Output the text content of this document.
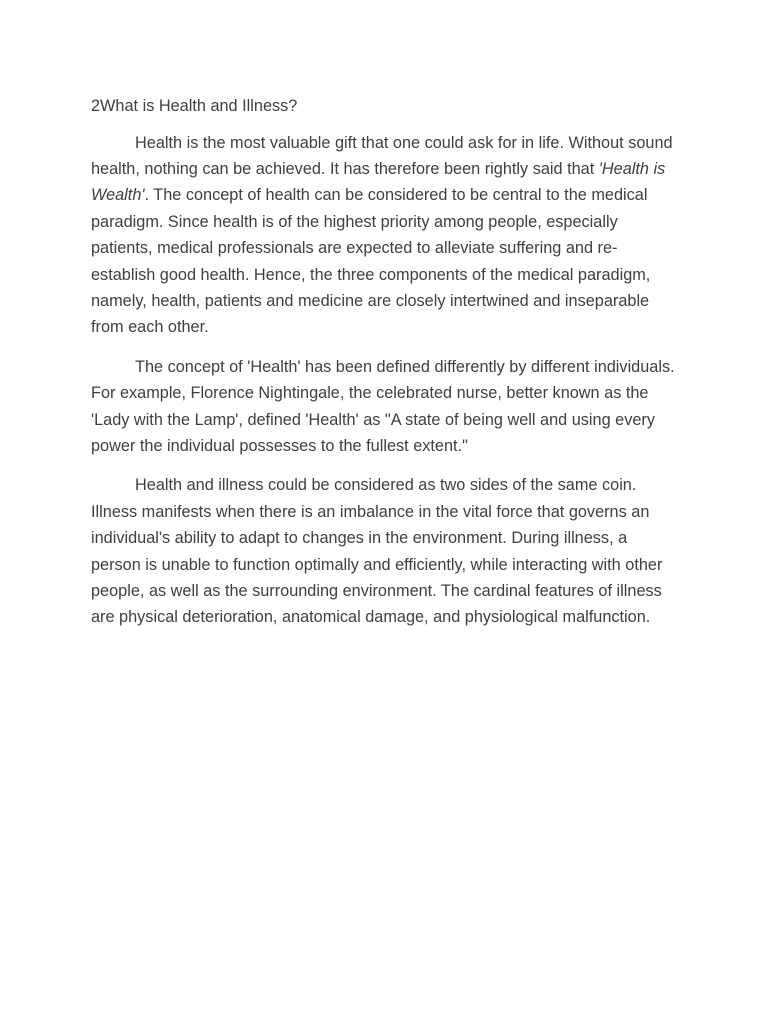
2What is Health and Illness?

Health is the most valuable gift that one could ask for in life. Without sound health, nothing can be achieved. It has therefore been rightly said that 'Health is Wealth'. The concept of health can be considered to be central to the medical paradigm. Since health is of the highest priority among people, especially patients, medical professionals are expected to alleviate suffering and re-establish good health. Hence, the three components of the medical paradigm, namely, health, patients and medicine are closely intertwined and inseparable from each other.

The concept of 'Health' has been defined differently by different individuals. For example, Florence Nightingale, the celebrated nurse, better known as the 'Lady with the Lamp', defined 'Health' as "A state of being well and using every power the individual possesses to the fullest extent."

Health and illness could be considered as two sides of the same coin. Illness manifests when there is an imbalance in the vital force that governs an individual's ability to adapt to changes in the environment. During illness, a person is unable to function optimally and efficiently, while interacting with other people, as well as the surrounding environment. The cardinal features of illness are physical deterioration, anatomical damage, and physiological malfunction.
